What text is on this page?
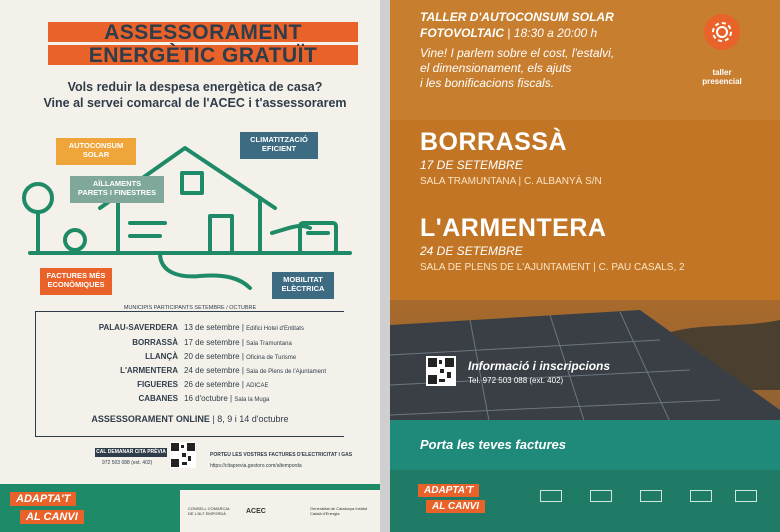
ASSESSORAMENT
ENERGÈTIC GRATUÏT
Vols reduir la despesa energètica de casa?
Vine al servei comarcal de l'ACEC i t'assessorarem
AUTOCONSUM
SOLAR
CLIMATITZACIÓ
EFICIENT
AÏLLAMENTS
PARETS I FINESTRES
FACTURES MÉS
ECONÒMIQUES
MOBILITAT
ELÈCTRICA
MUNICIPIS PARTICIPANTS SETEMBRE / OCTUBRE
PALAU-SAVERDERA 13 de setembre | Edifici Hotel d'Entitats
BORRASSÀ 17 de setembre | Sala Tramuntana
LLANÇÀ 20 de setembre | Oficina de Turisme
L'ARMENTERA 24 de setembre | Sala de Plens de l'Ajuntament
FIGUERES 26 de setembre | ADICAE
CABANES 16 d'octubre | Sala la Muga
ASSESSORAMENT ONLINE | 8, 9 i 14 d'octubre
CAL DEMANAR CITA PRÈVIA
972 503 088 (ext. 402)
PORTEU LES VOSTRES FACTURES D'ELECTRICITAT I GAS
https://citaprevia.gestoro.com/altemporda
ADAPTA'T
AL CANVI
CONSELL COMARCAL DE L'ALT EMPORDÀ	ACEC	Generalitat de Catalunya Institut Català d'Energia
TALLER D'AUTOCONSUM SOLAR
FOTOVOLTAIC | 18:30 a 20:00 h
Vine! I parlem sobre el cost, l'estalvi,
el dimensionament, els ajuts
i les bonificacions fiscals.
taller
presencial
BORRASSÀ
17 DE SETEMBRE
SALA TRAMUNTANA | C. ALBANYÀ S/N
L'ARMENTERA
24 DE SETEMBRE
SALA DE PLENS DE L'AJUNTAMENT | C. PAU CASALS, 2
Informació i inscripcions
Tel. 972 503 088 (ext. 402)
Porta les teves factures
ADAPTA'T
AL CANVI
